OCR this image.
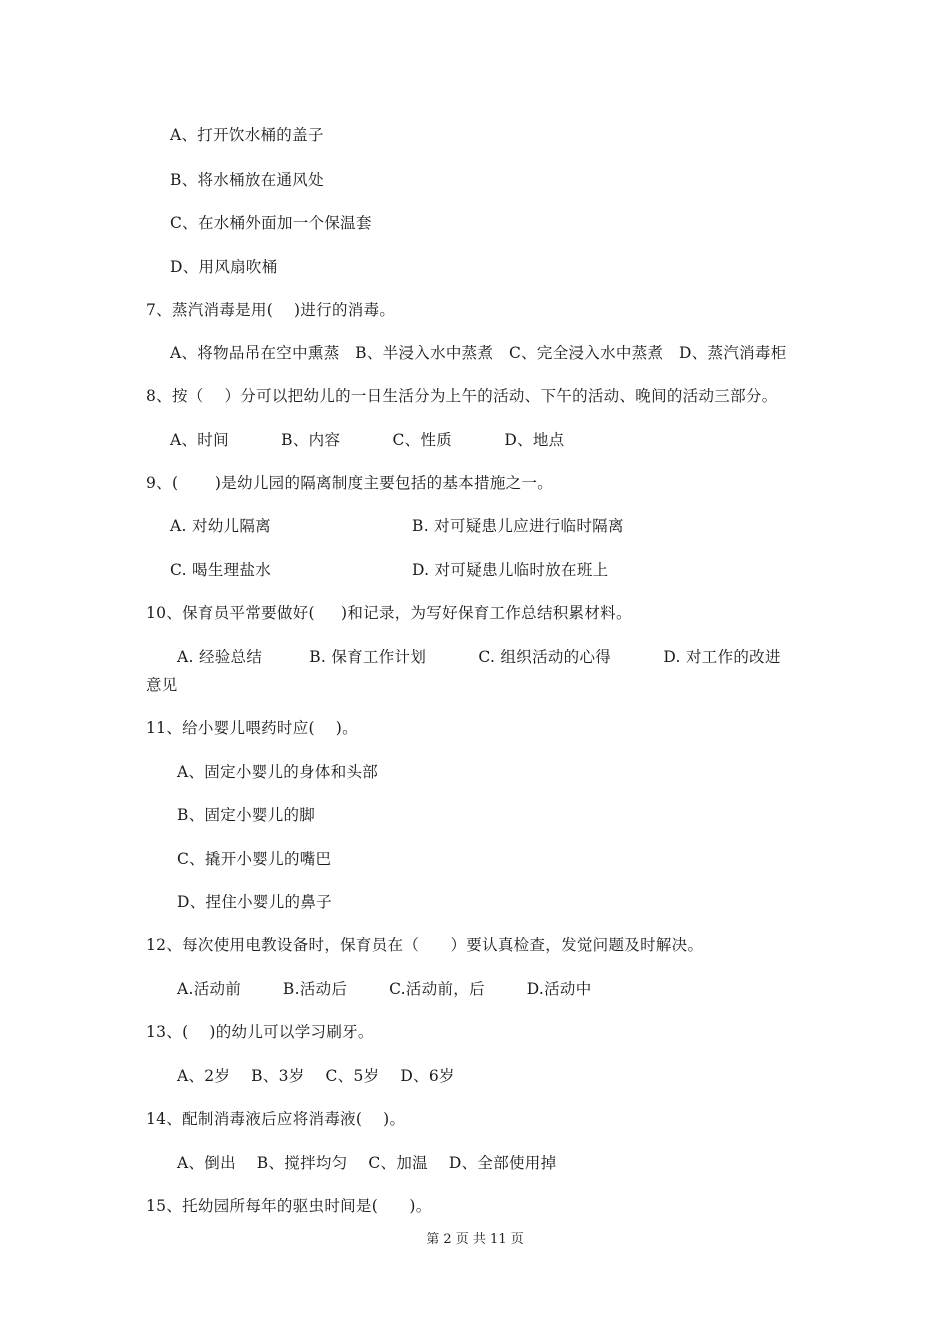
A、打开饮水桶的盖子
B、将水桶放在通风处
C、在水桶外面加一个保温套
D、用风扇吹桶
7、蒸汽消毒是用(    )进行的消毒。
A、将物品吊在空中熏蒸   B、半浸入水中蒸煮   C、完全浸入水中蒸煮   D、蒸汽消毒柜
8、按（    ）分可以把幼儿的一日生活分为上午的活动、下午的活动、晚间的活动三部分。
A、时间          B、内容          C、性质          D、地点
9、(       )是幼儿园的隔离制度主要包括的基本措施之一。
A. 对幼儿隔离	B. 对可疑患儿应进行临时隔离
C. 喝生理盐水	D. 对可疑患儿临时放在班上
10、保育员平常要做好(     )和记录，为写好保育工作总结积累材料。
A. 经验总结         B. 保育工作计划          C. 组织活动的心得          D. 对工作的改进
意见
11、给小婴儿喂药时应(    )。
A、固定小婴儿的身体和头部
B、固定小婴儿的脚
C、撬开小婴儿的嘴巴
D、捏住小婴儿的鼻子
12、每次使用电教设备时，保育员在（      ）要认真检查，发觉问题及时解决。
A.活动前        B.活动后        C.活动前，后        D.活动中
13、(    )的幼儿可以学习刷牙。
A、2岁    B、3岁    C、5岁    D、6岁
14、配制消毒液后应将消毒液(    )。
A、倒出    B、搅拌均匀    C、加温    D、全部使用掉
15、托幼园所每年的驱虫时间是(      )。
第 2 页 共 11 页
